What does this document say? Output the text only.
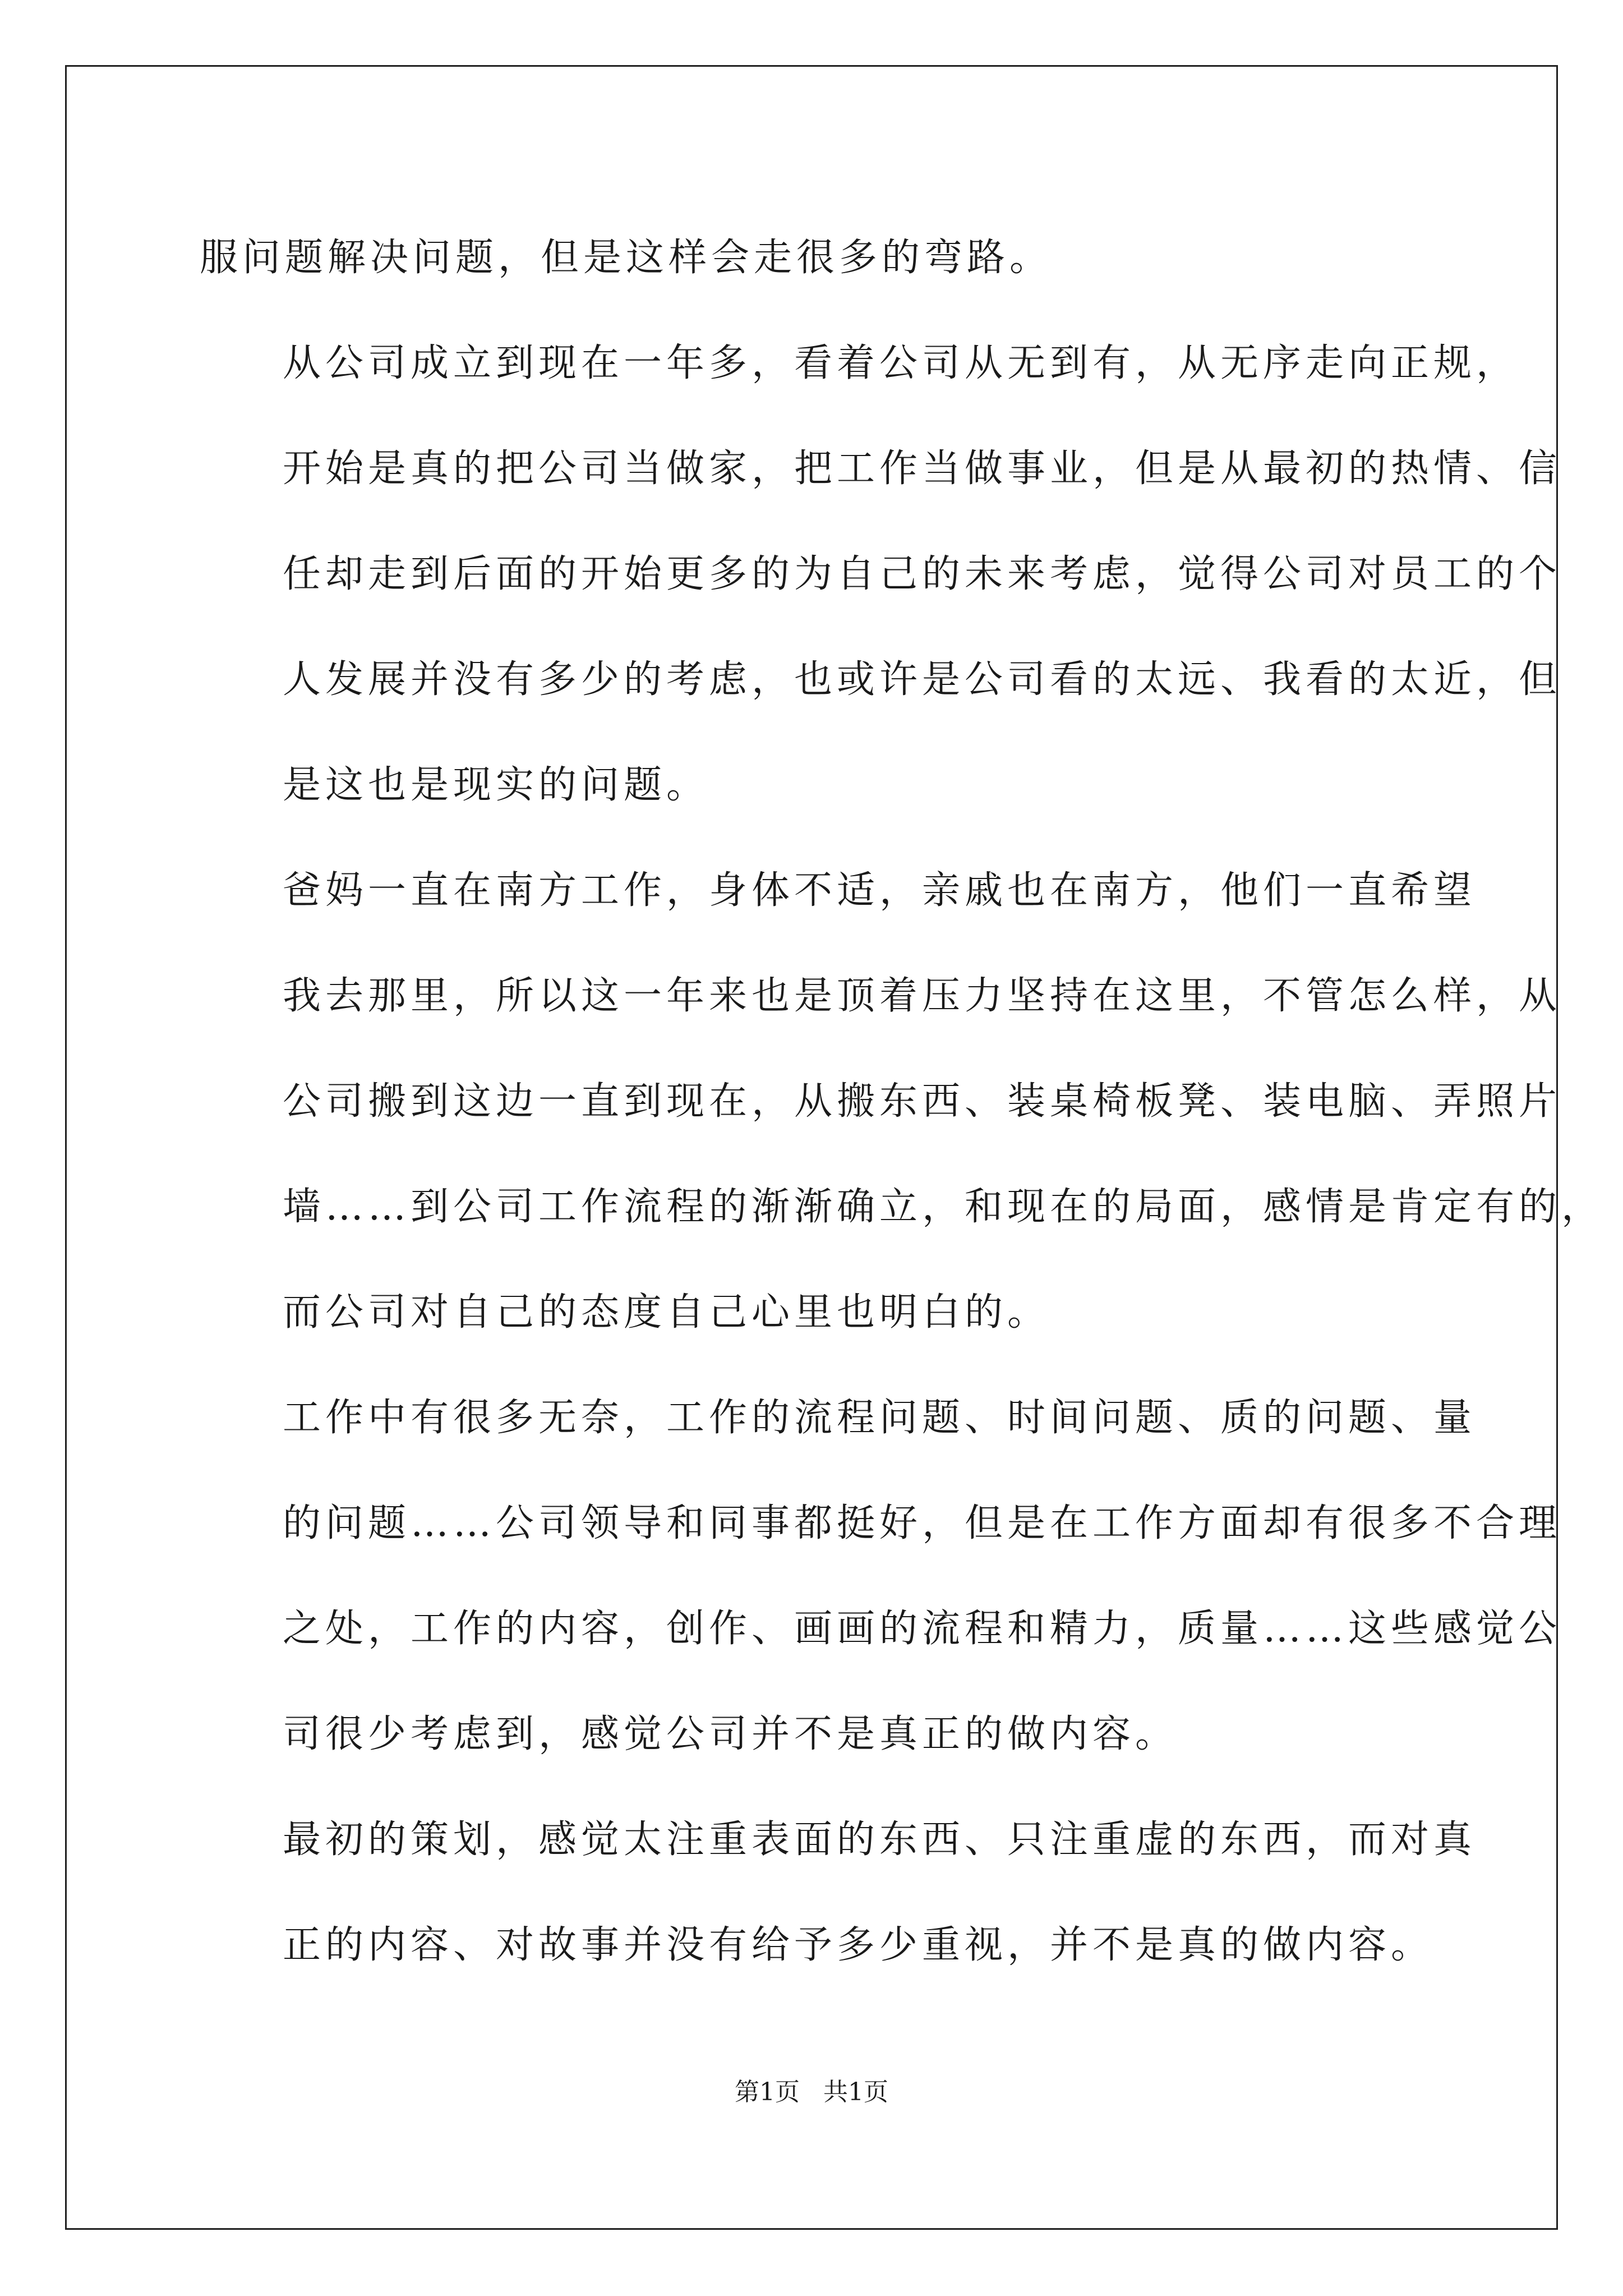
服问题解决问题，但是这样会走很多的弯路。

从公司成立到现在一年多，看着公司从无到有，从无序走向正规，
开始是真的把公司当做家，把工作当做事业，但是从最初的热情、信
任却走到后面的开始更多的为自己的未来考虑，觉得公司对员工的个
人发展并没有多少的考虑，也或许是公司看的太远、我看的太近，但
是这也是现实的问题。

爸妈一直在南方工作，身体不适，亲戚也在南方，他们一直希望
我去那里，所以这一年来也是顶着压力坚持在这里，不管怎么样，从
公司搬到这边一直到现在，从搬东西、装桌椅板凳、装电脑、弄照片
墙……到公司工作流程的渐渐确立，和现在的局面，感情是肯定有的，
而公司对自己的态度自己心里也明白的。

工作中有很多无奈，工作的流程问题、时间问题、质的问题、量
的问题……公司领导和同事都挺好，但是在工作方面却有很多不合理
之处，工作的内容，创作、画画的流程和精力，质量……这些感觉公
司很少考虑到，感觉公司并不是真正的做内容。

最初的策划，感觉太注重表面的东西、只注重虚的东西，而对真
正的内容、对故事并没有给予多少重视，并不是真的做内容。

第1页 共1页
